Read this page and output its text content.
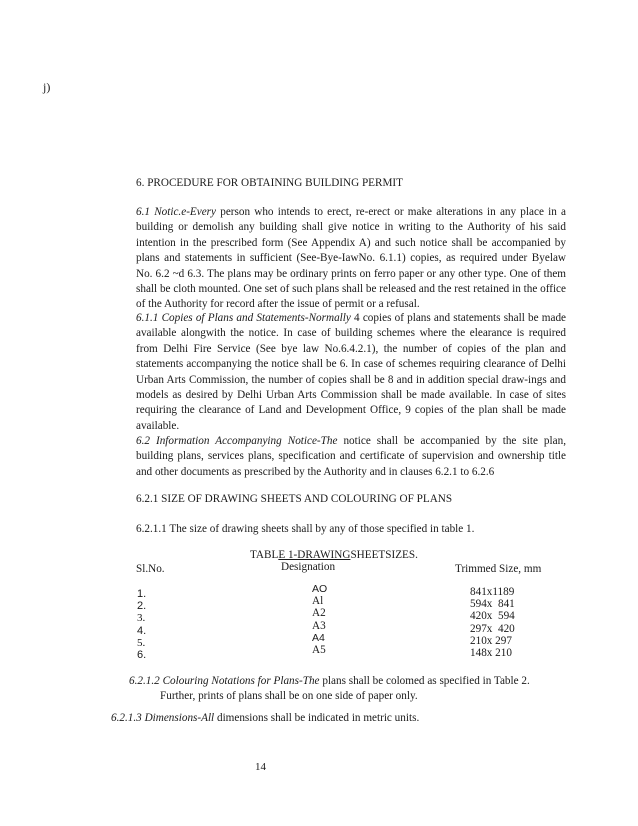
j)
6. PROCEDURE FOR OBTAINING BUILDING PERMIT
6.1 Notic.e-Every person who intends to erect, re-erect or make alterations in any place in a building or demolish any building shall give notice in writing to the Authority of his said intention in the prescribed form (See Appendix A) and such notice shall be accompanied by plans and statements in sufficient (See-Bye-IawNo. 6.1.1) copies, as required under Byelaw No. 6.2 ~d 6.3. The plans may be ordinary prints on ferro paper or any other type. One of them shall be cloth mounted. One set of such plans shall be released and the rest retained in the office of the Authority for record after the issue of permit or a refusal.
6.1.1 Copies of Plans and Statements-Normally 4 copies of plans and statements shall be made available alongwith the notice. In case of building schemes where the elearance is required from Delhi Fire Service (See bye law No.6.4.2.1), the number of copies of the plan and statements accompanying the notice shall be 6. In case of schemes requiring clearance of Delhi Urban Arts Commission, the number of copies shall be 8 and in addition special draw-ings and models as desired by Delhi Urban Arts Commission shall be made available. In case of sites requiring the clearance of Land and Development Office, 9 copies of the plan shall be made available.
6.2 Information Accompanying Notice-The notice shall be accompanied by the site plan, building plans, services plans, specification and certificate of supervision and ownership title and other documents as prescribed by the Authority and in clauses 6.2.1 to 6.2.6
6.2.1 SIZE OF DRAWING SHEETS AND COLOURING OF PLANS
6.2.1.1 The size of drawing sheets shall by any of those specified in table 1.
TABLE 1-DRAWINGSHEETSIZES.
Sl.No.	Designation	Trimmed Size, mm
1.
2.
3.
4.
5.
6.
AO
Al
A2
A3
A4
A5
841x1189
594x  841
420x  594
297x  420
210x 297
148x 210
6.2.1.2 Colouring Notations for Plans-The plans shall be colomed as specified in Table 2.
Further, prints of plans shall be on one side of paper only.
6.2.1.3 Dimensions-All dimensions shall be indicated in metric units.
14
